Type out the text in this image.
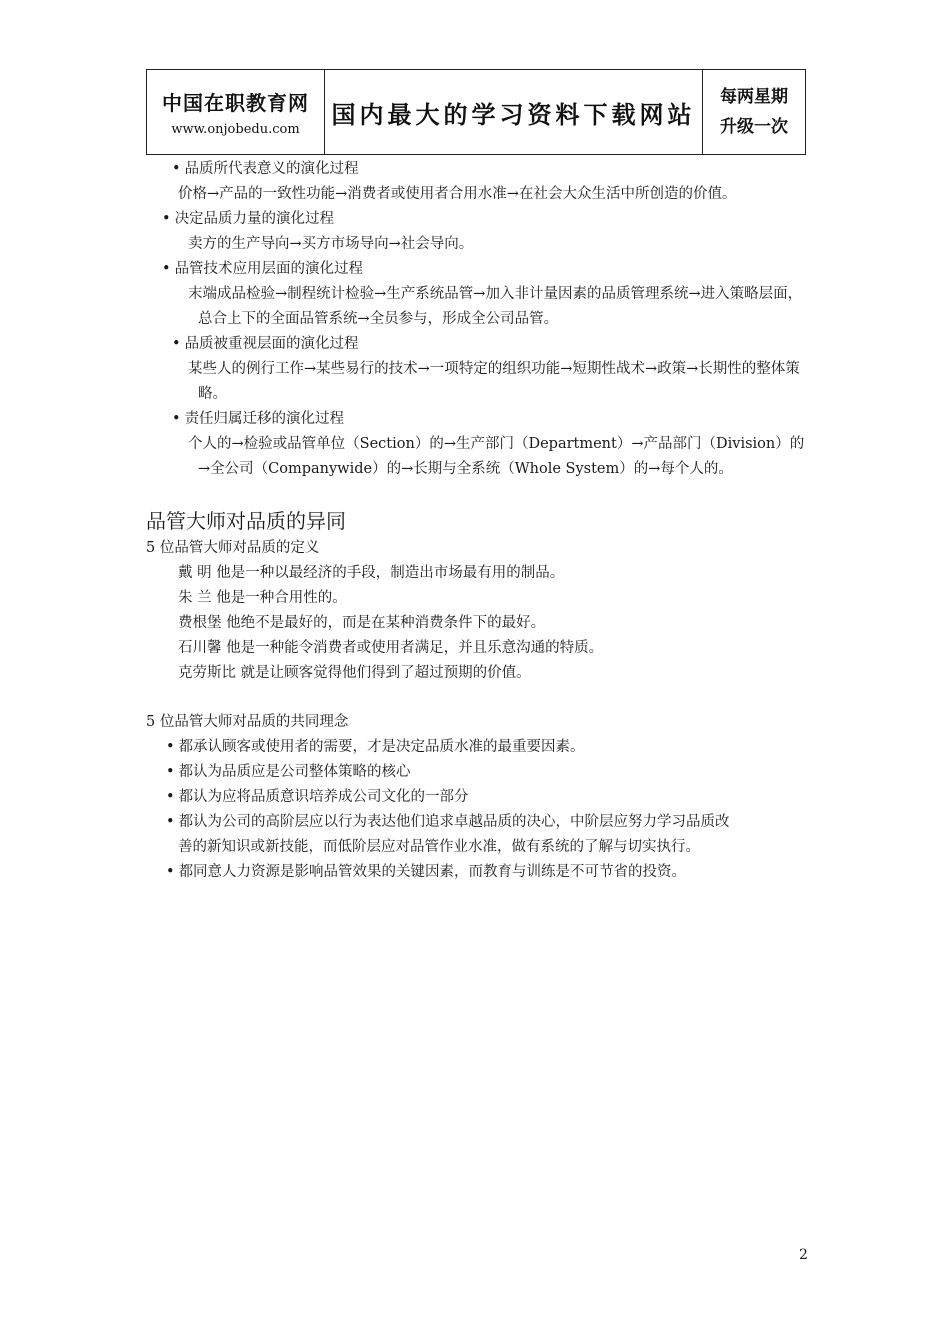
中国在职教育网
www.onjobedu.com
国内最大的学习资料下载网站
每两星期
升级一次
• 品质所代表意义的演化过程
价格→产品的一致性功能→消费者或使用者合用水准→在社会大众生活中所创造的价值。
• 决定品质力量的演化过程
卖方的生产导向→买方市场导向→社会导向。
• 品管技术应用层面的演化过程
末端成品检验→制程统计检验→生产系统品管→加入非计量因素的品质管理系统→进入策略层面，总合上下的全面品管系统→全员参与，形成全公司品管。
• 品质被重视层面的演化过程
某些人的例行工作→某些易行的技术→一项特定的组织功能→短期性战术→政策→长期性的整体策略。
• 责任归属迁移的演化过程
个人的→检验或品管单位（Section）的→生产部门（Department）→产品部门（Division）的→全公司（Companywide）的→长期与全系统（Whole System）的→每个人的。
品管大师对品质的异同
5 位品管大师对品质的定义
戴 明 他是一种以最经济的手段，制造出市场最有用的制品。
朱 兰 他是一种合用性的。
费根堡 他绝不是最好的，而是在某种消费条件下的最好。
石川馨 他是一种能令消费者或使用者满足，并且乐意沟通的特质。
克劳斯比 就是让顾客觉得他们得到了超过预期的价值。
5 位品管大师对品质的共同理念
• 都承认顾客或使用者的需要，才是决定品质水准的最重要因素。
• 都认为品质应是公司整体策略的核心
• 都认为应将品质意识培养成公司文化的一部分
• 都认为公司的高阶层应以行为表达他们追求卓越品质的决心，中阶层应努力学习品质改
善的新知识或新技能，而低阶层应对品管作业水准，做有系统的了解与切实执行。
• 都同意人力资源是影响品管效果的关键因素，而教育与训练是不可节省的投资。
2
